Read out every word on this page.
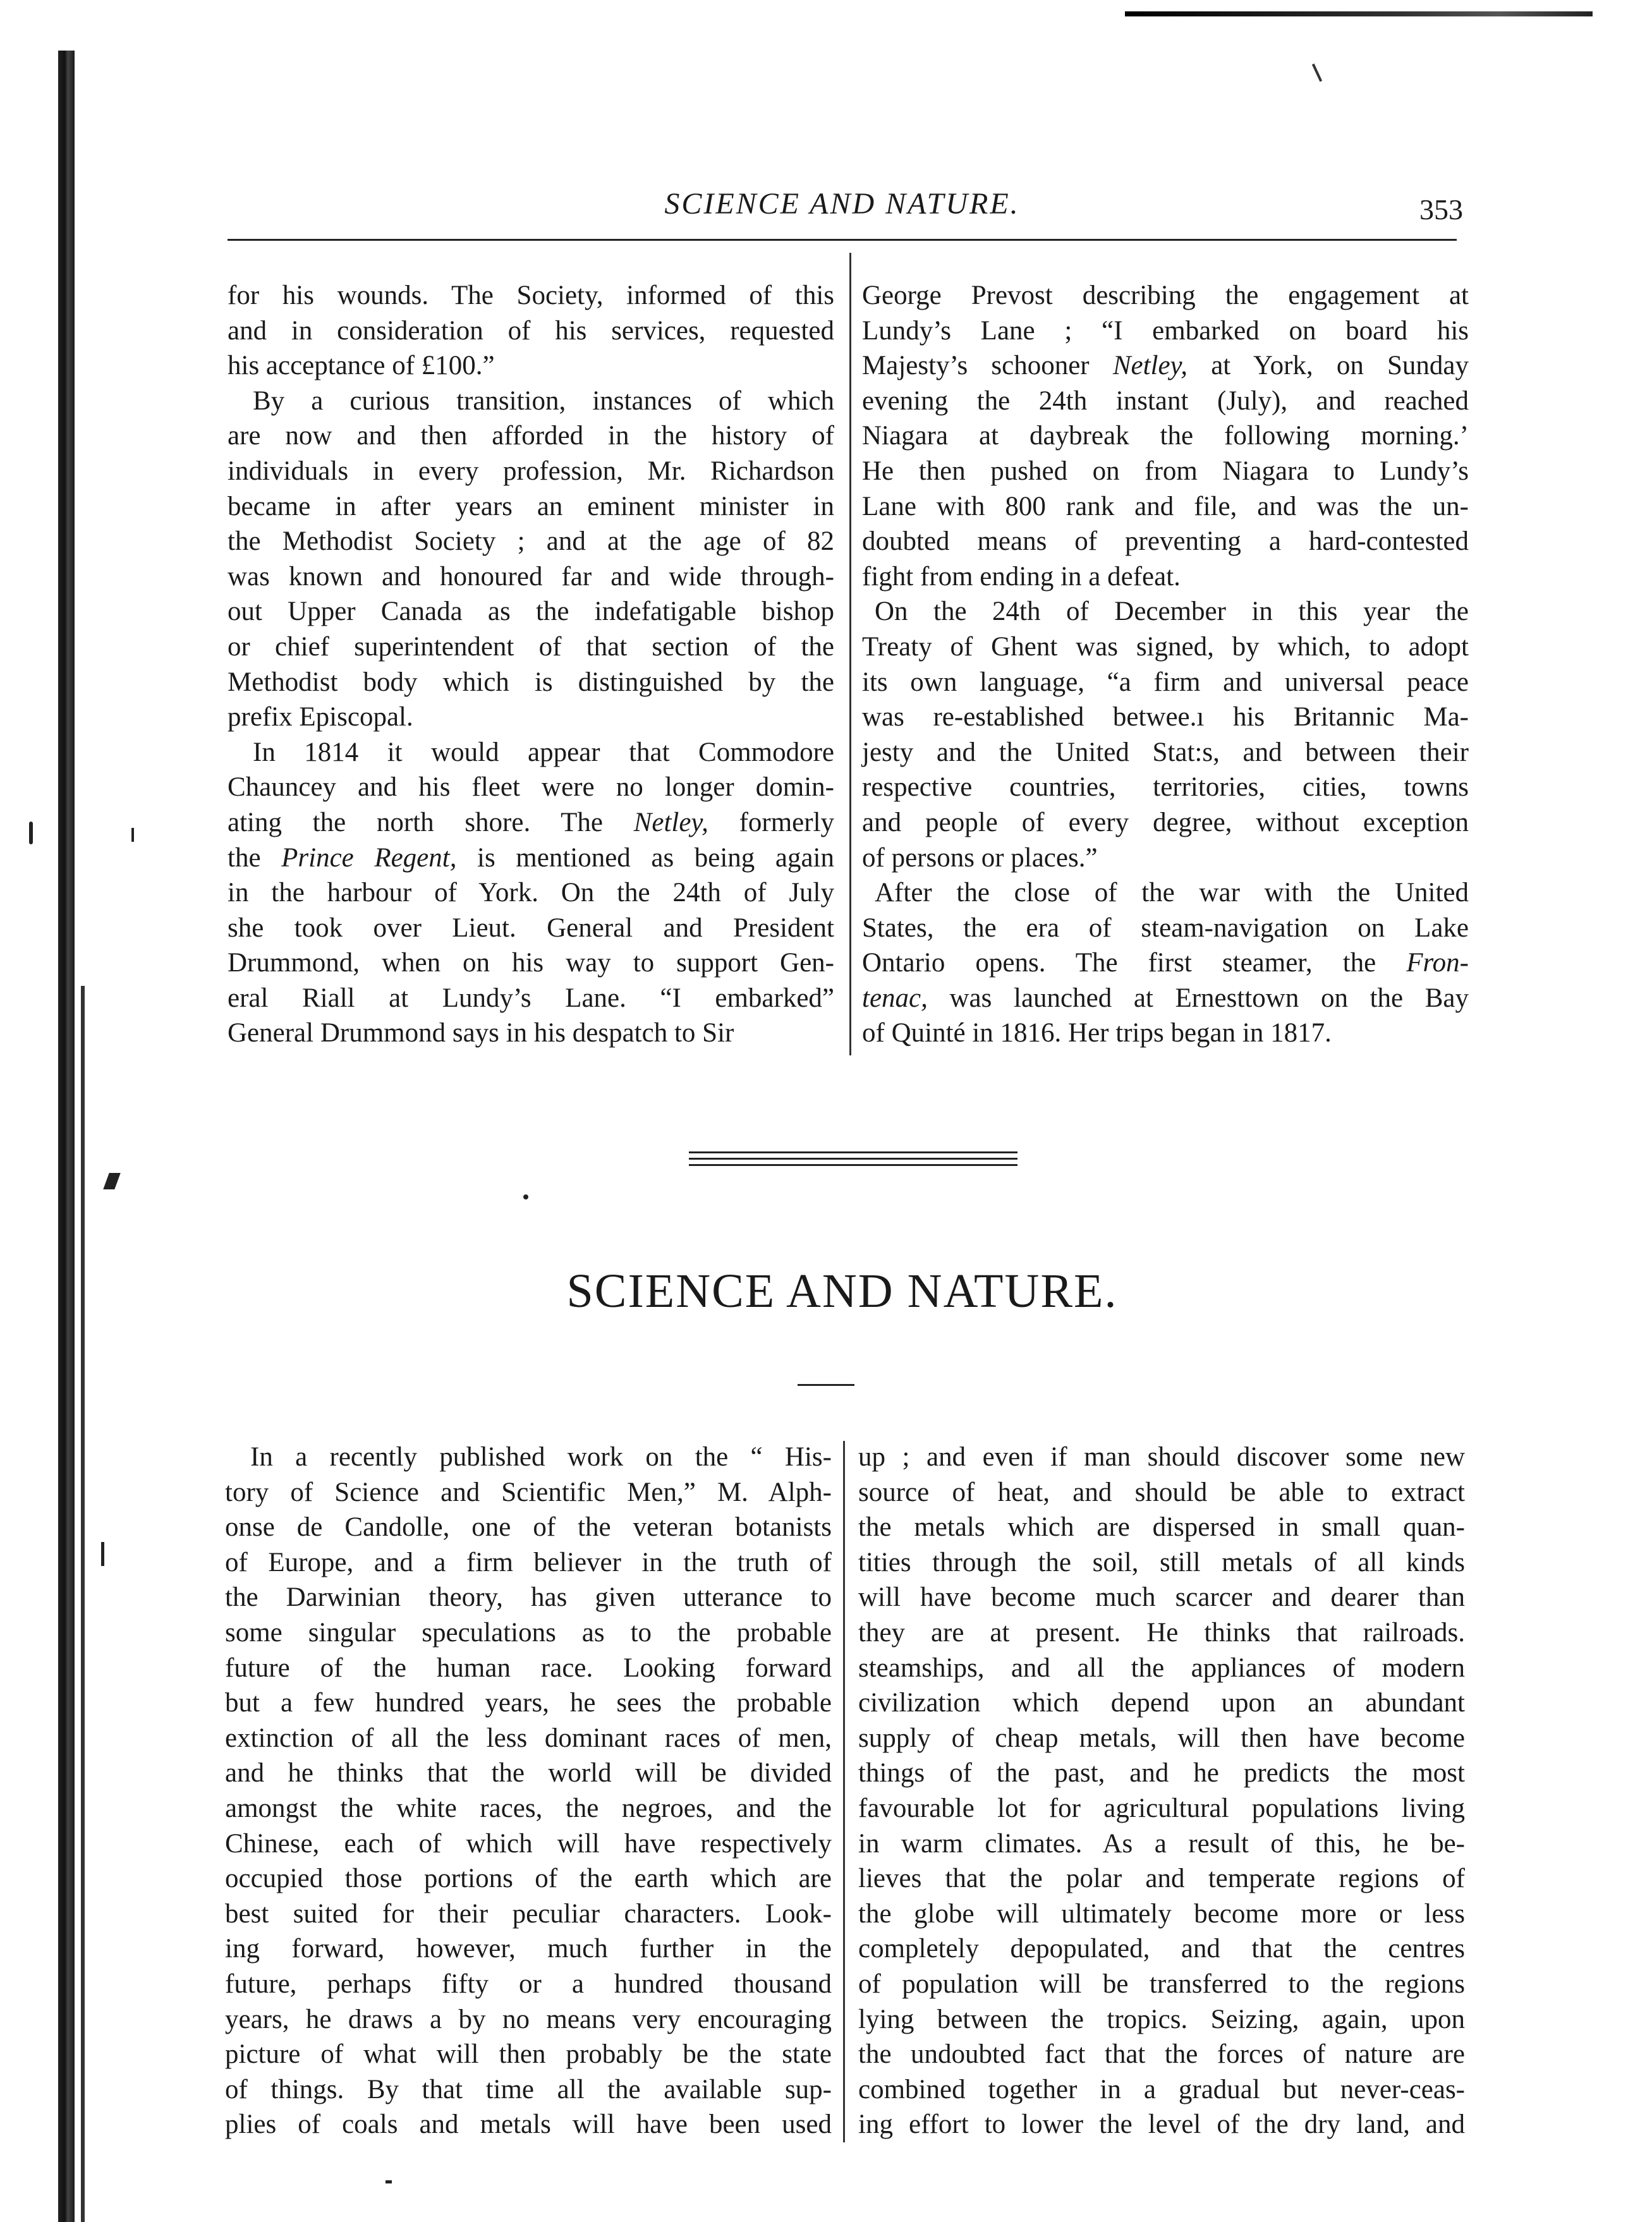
SCIENCE AND NATURE.	353
for his wounds. The Society, informed of this
and in consideration of his services, requested
his acceptance of £100.”
By a curious transition, instances of which
are now and then afforded in the history of
individuals in every profession, Mr. Richardson
became in after years an eminent minister in
the Methodist Society ; and at the age of 82
was known and honoured far and wide through-
out Upper Canada as the indefatigable bishop
or chief superintendent of that section of the
Methodist body which is distinguished by the
prefix Episcopal.
In 1814 it would appear that Commodore
Chauncey and his fleet were no longer domin-
ating the north shore. The Netley, formerly
the Prince Regent, is mentioned as being again
in the harbour of York. On the 24th of July
she took over Lieut. General and President
Drummond, when on his way to support Gen-
eral Riall at Lundy’s Lane. “I embarked”
General Drummond says in his despatch to Sir
George Prevost describing the engagement at
Lundy’s Lane ; “I embarked on board his
Majesty’s schooner Netley, at York, on Sunday
evening the 24th instant (July), and reached
Niagara at daybreak the following morning.’
He then pushed on from Niagara to Lundy’s
Lane with 800 rank and file, and was the un-
doubted means of preventing a hard-contested
fight from ending in a defeat.
On the 24th of December in this year the
Treaty of Ghent was signed, by which, to adopt
its own language, “a firm and universal peace
was re-established betwee.ı his Britannic Ma-
jesty and the United Stat:s, and between their
respective countries, territories, cities, towns
and people of every degree, without exception
of persons or places.”
After the close of the war with the United
States, the era of steam-navigation on Lake
Ontario opens. The first steamer, the Fron-
tenac, was launched at Ernesttown on the Bay
of Quinté in 1816. Her trips began in 1817.
SCIENCE AND NATURE.
In a recently published work on the “ His-
tory of Science and Scientific Men,” M. Alph-
onse de Candolle, one of the veteran botanists
of Europe, and a firm believer in the truth of
the Darwinian theory, has given utterance to
some singular speculations as to the probable
future of the human race. Looking forward
but a few hundred years, he sees the probable
extinction of all the less dominant races of men,
and he thinks that the world will be divided
amongst the white races, the negroes, and the
Chinese, each of which will have respectively
occupied those portions of the earth which are
best suited for their peculiar characters. Look-
ing forward, however, much further in the
future, perhaps fifty or a hundred thousand
years, he draws a by no means very encouraging
picture of what will then probably be the state
of things. By that time all the available sup-
plies of coals and metals will have been used
up ; and even if man should discover some new
source of heat, and should be able to extract
the metals which are dispersed in small quan-
tities through the soil, still metals of all kinds
will have become much scarcer and dearer than
they are at present. He thinks that railroads.
steamships, and all the appliances of modern
civilization which depend upon an abundant
supply of cheap metals, will then have become
things of the past, and he predicts the most
favourable lot for agricultural populations living
in warm climates. As a result of this, he be-
lieves that the polar and temperate regions of
the globe will ultimately become more or less
completely depopulated, and that the centres
of population will be transferred to the regions
lying between the tropics. Seizing, again, upon
the undoubted fact that the forces of nature are
combined together in a gradual but never-ceas-
ing effort to lower the level of the dry land, and
